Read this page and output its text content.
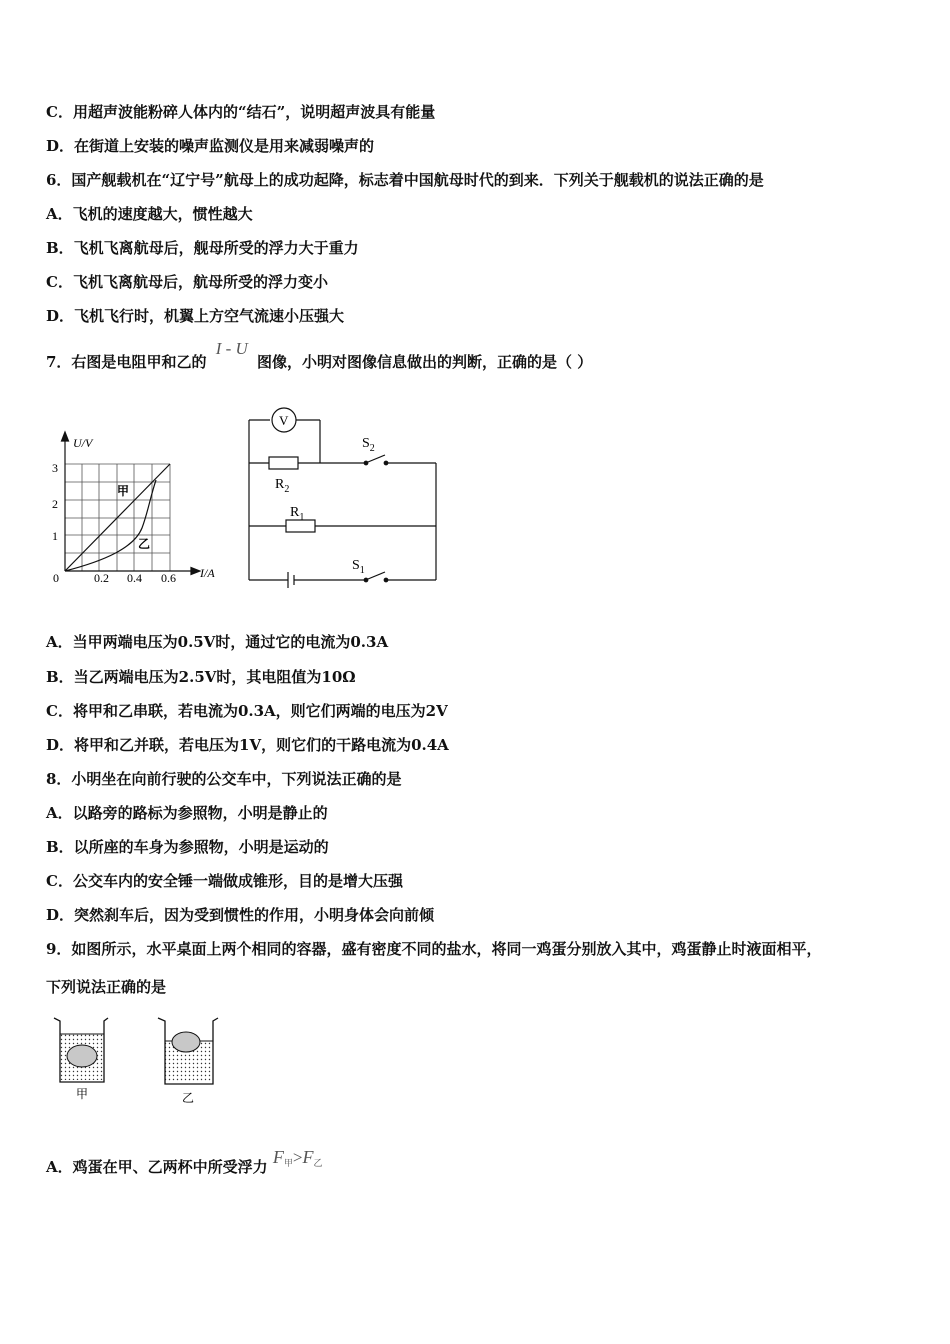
C．用超声波能粉碎人体内的“结石”，说明超声波具有能量
D．在街道上安装的噪声监测仪是用来减弱噪声的
6．国产舰载机在“辽宁号”航母上的成功起降，标志着中国航母时代的到来．下列关于舰载机的说法正确的是
A．飞机的速度越大，惯性越大
B．飞机飞离航母后，舰母所受的浮力大于重力
C．飞机飞离航母后，航母所受的浮力变小
D．飞机飞行时，机翼上方空气流速小压强大
7．右图是电阻甲和乙的 I - U 图像，小明对图像信息做出的判断，正确的是（ ）
U/V
I/A
1
2
3
0	0.2 0.4 0.6
甲
乙
V
$S_2$
$R_2$
$R_1$
$S_1$
A．当甲两端电压为0.5V时，通过它的电流为0.3A
B．当乙两端电压为2.5V时，其电阻值为10Ω
C．将甲和乙串联，若电流为0.3A，则它们两端的电压为2V
D．将甲和乙并联，若电压为1V，则它们的干路电流为0.4A
8．小明坐在向前行驶的公交车中，下列说法正确的是
A．以路旁的路标为参照物，小明是静止的
B．以所座的车身为参照物，小明是运动的
C．公交车内的安全锤一端做成锥形，目的是增大压强
D．突然刹车后，因为受到惯性的作用，小明身体会向前倾
9．如图所示，水平桌面上两个相同的容器，盛有密度不同的盐水，将同一鸡蛋分别放入其中，鸡蛋静止时液面相平，
下列说法正确的是
甲	乙
A．鸡蛋在甲、乙两杯中所受浮力 $F_甲>F_乙$
